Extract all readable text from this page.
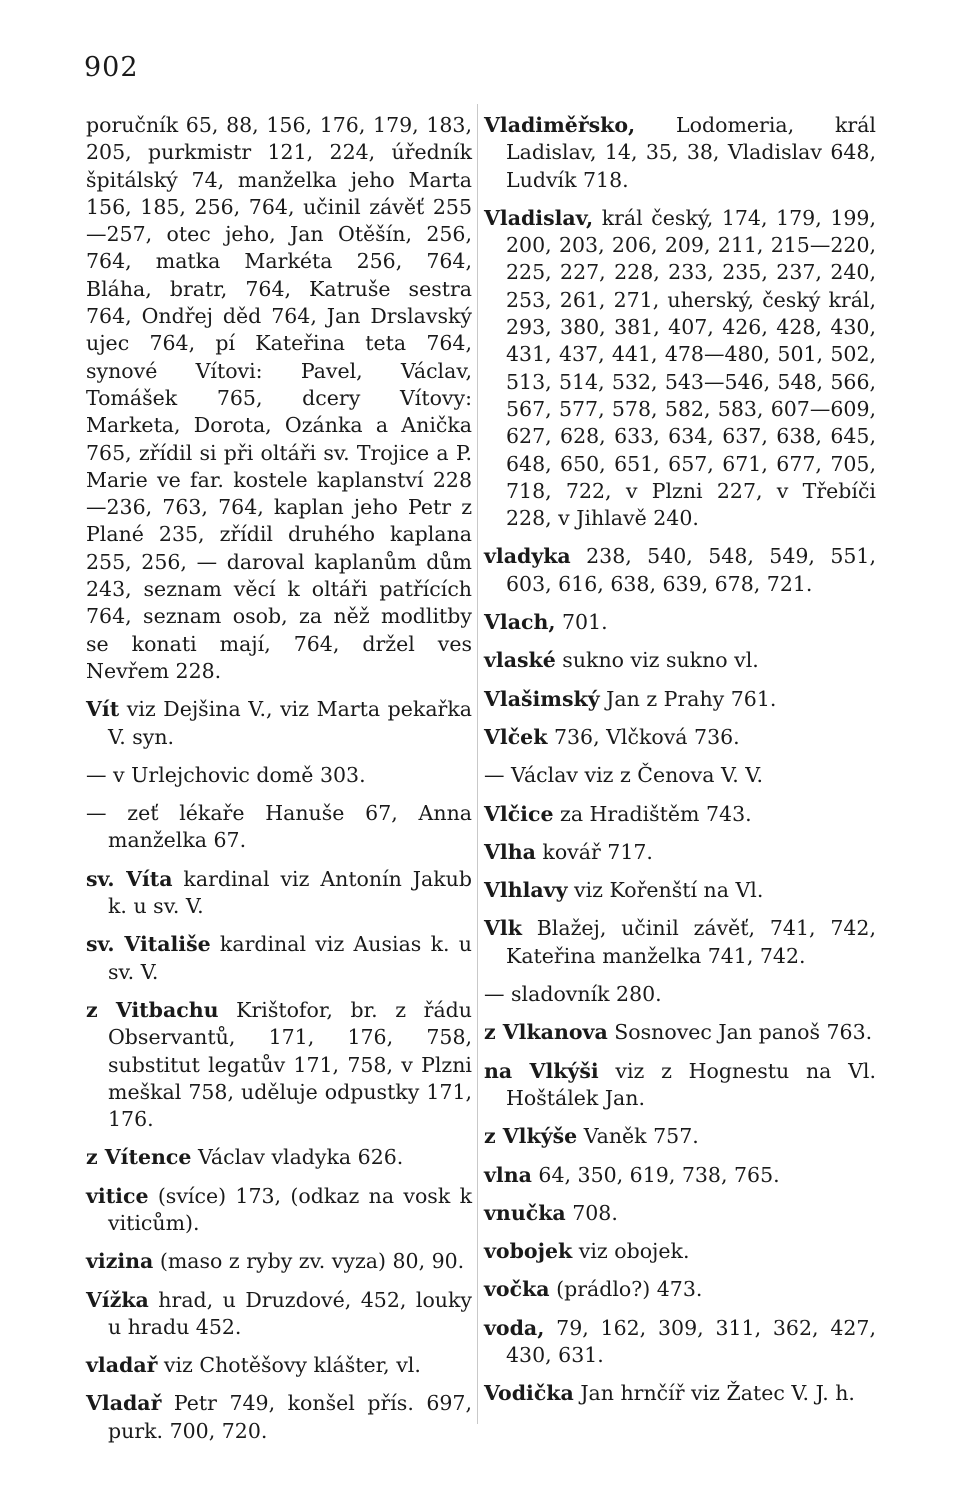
902

poručník 65, 88, 156, 176, 179, 183, 205, purkmistr 121, 224, úředník špitálský 74, manželka jeho Marta 156, 185, 256, 764, učinil závěť 255—257, otec jeho, Jan Otěšín, 256, 764, matka Markéta 256, 764, Bláha, bratr, 764, Katruše sestra 764, Ondřej děd 764, Jan Drslavský ujec 764, pí Kateřina teta 764, synové Vítovi: Pavel, Václav, Tomášek 765, dcery Vítovy: Marketa, Dorota, Ozánka a Anička 765, zřídil si při oltáři sv. Trojice a P. Marie ve far. kostele kaplanství 228—236, 763, 764, kaplan jeho Petr z Plané 235, zřídil druhého kaplana 255, 256, — daroval kaplanům dům 243, seznam věcí k oltáři patřících 764, seznam osob, za něž modlitby se konati mají, 764, držel ves Nevřem 228.

Vít viz Dejšina V., viz Marta pekařka V. syn.

— v Urlejchovic domě 303.

— zeť lékaře Hanuše 67, Anna manželka 67.

sv. Víta kardinal viz Antonín Jakub k. u sv. V.

sv. Vitališe kardinal viz Ausias k. u sv. V.

z Vitbachu Krištofor, br. z řádu Observantů, 171, 176, 758, substitut legatův 171, 758, v Plzni meškal 758, uděluje odpustky 171, 176.

z Vítence Václav vladyka 626.

vitice (svíce) 173, (odkaz na vosk k viticům).

vizina (maso z ryby zv. vyza) 80, 90.

Vížka hrad, u Druzdové, 452, louky u hradu 452.

vladař viz Chotěšovy klášter, vl.

Vladař Petr 749, konšel přís. 697, purk. 700, 720.

Vladiměřsko, Lodomeria, král Ladislav, 14, 35, 38, Vladislav 648, Ludvík 718.

Vladislav, král český, 174, 179, 199, 200, 203, 206, 209, 211, 215—220, 225, 227, 228, 233, 235, 237, 240, 253, 261, 271, uherský, český král, 293, 380, 381, 407, 426, 428, 430, 431, 437, 441, 478—480, 501, 502, 513, 514, 532, 543—546, 548, 566, 567, 577, 578, 582, 583, 607—609, 627, 628, 633, 634, 637, 638, 645, 648, 650, 651, 657, 671, 677, 705, 718, 722, v Plzni 227, v Třebíči 228, v Jihlavě 240.

vladyka 238, 540, 548, 549, 551, 603, 616, 638, 639, 678, 721.

Vlach, 701.

vlaské sukno viz sukno vl.

Vlašimský Jan z Prahy 761.

Vlček 736, Vlčková 736.

— Václav viz z Čenova V. V.

Vlčice za Hradištěm 743.

Vlha kovář 717.

Vlhlavy viz Kořenští na Vl.

Vlk Blažej, učinil závěť, 741, 742, Kateřina manželka 741, 742.

— sladovník 280.

z Vlkanova Sosnovec Jan panoš 763.

na Vlkýši viz z Hognestu na Vl. Hoštálek Jan.

z Vlkýše Vaněk 757.

vlna 64, 350, 619, 738, 765.

vnučka 708.

vobojek viz obojek.

vočka (prádlo?) 473.

voda, 79, 162, 309, 311, 362, 427, 430, 631.

Vodička Jan hrnčíř viz Žatec V. J. h.
